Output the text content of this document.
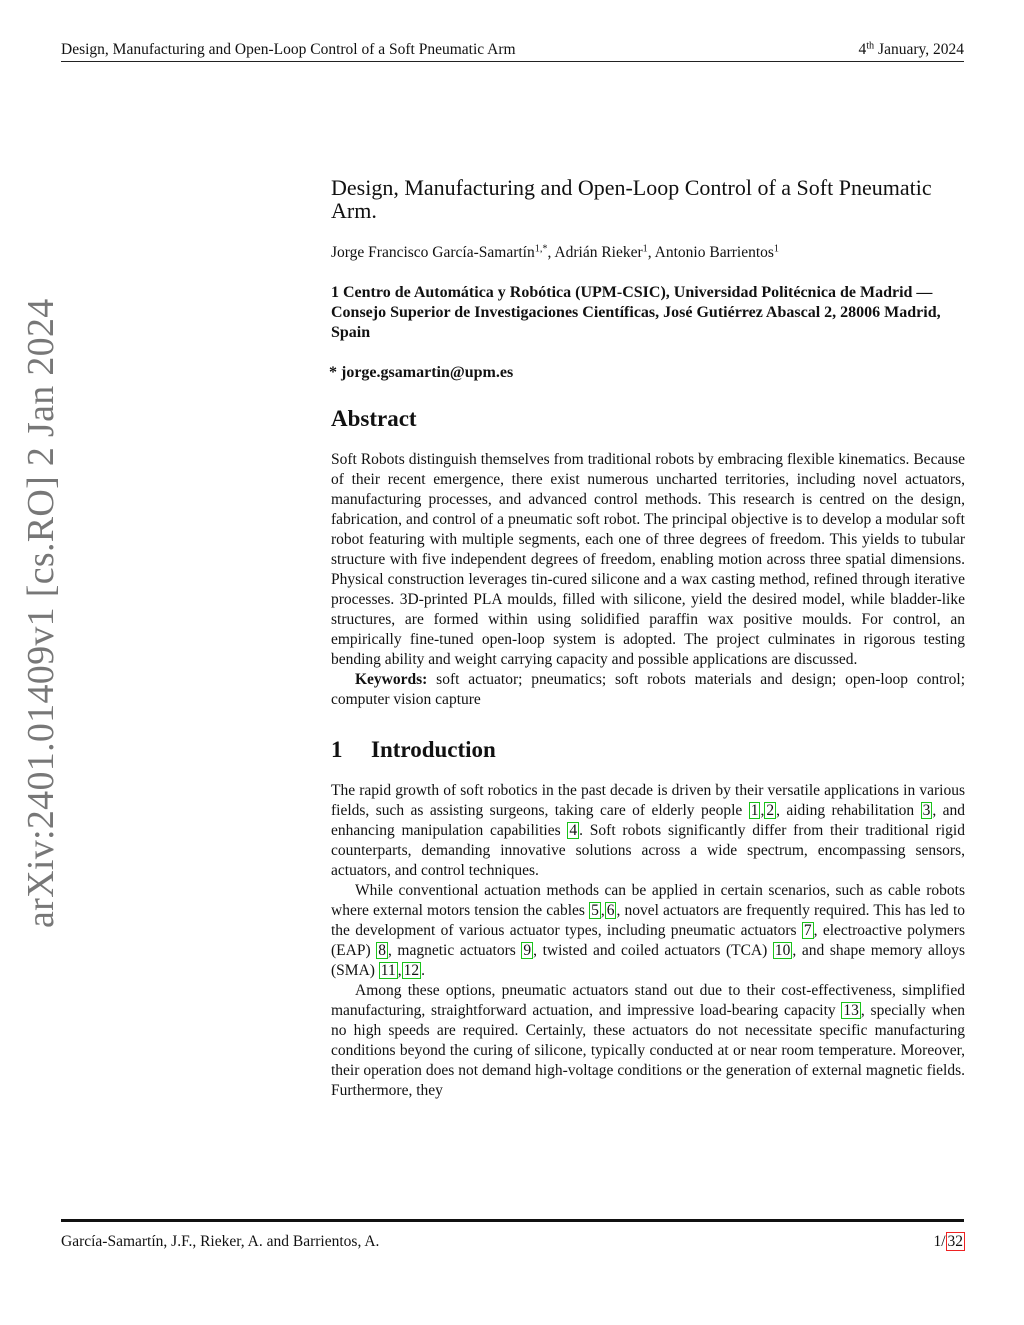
Design, Manufacturing and Open-Loop Control of a Soft Pneumatic Arm	4th January, 2024
arXiv:2401.01409v1 [cs.RO] 2 Jan 2024
Design, Manufacturing and Open-Loop Control of a Soft Pneumatic Arm.
Jorge Francisco García-Samartín$^{1,*}$, Adrián Rieker$^1$, Antonio Barrientos$^1$
1 Centro de Automática y Robótica (UPM-CSIC), Universidad Politécnica de Madrid — Consejo Superior de Investigaciones Científicas, José Gutiérrez Abascal 2, 28006 Madrid, Spain
* jorge.gsamartin@upm.es
Abstract

Soft Robots distinguish themselves from traditional robots by embracing flexible kinematics. Because of their recent emergence, there exist numerous uncharted territories, including novel actuators, manufacturing processes, and advanced control methods. This research is centred on the design, fabrication, and control of a pneumatic soft robot. The principal objective is to develop a modular soft robot featuring with multiple segments, each one of three degrees of freedom. This yields to tubular structure with five independent degrees of freedom, enabling motion across three spatial dimensions. Physical construction leverages tin-cured silicone and a wax casting method, refined through iterative processes. 3D-printed PLA moulds, filled with silicone, yield the desired model, while bladder-like structures, are formed within using solidified paraffin wax positive moulds. For control, an empirically fine-tuned open-loop system is adopted. The project culminates in rigorous testing bending ability and weight carrying capacity and possible applications are discussed.

Keywords: soft actuator; pneumatics; soft robots materials and design; open-loop control; computer vision capture

1 Introduction

The rapid growth of soft robotics in the past decade is driven by their versatile applications in various fields, such as assisting surgeons, taking care of elderly people 1 , 2 , aiding rehabilitation 3 , and enhancing manipulation capabilities 4 . Soft robots significantly differ from their traditional rigid counterparts, demanding innovative solutions across a wide spectrum, encompassing sensors, actuators, and control techniques.

While conventional actuation methods can be applied in certain scenarios, such as cable robots where external motors tension the cables 5 , 6 , novel actuators are frequently required. This has led to the development of various actuator types, including pneumatic actuators 7 , electroactive polymers (EAP) 8 , magnetic actuators 9 , twisted and coiled actuators (TCA) 10 , and shape memory alloys (SMA) 11 , 12 .

Among these options, pneumatic actuators stand out due to their cost-effectiveness, simplified manufacturing, straightforward actuation, and impressive load-bearing capacity 13 , specially when no high speeds are required. Certainly, these actuators do not necessitate specific manufacturing conditions beyond the curing of silicone, typically conducted at or near room temperature. Moreover, their operation does not demand high-voltage conditions or the generation of external magnetic fields. Furthermore, they

García-Samartín, J.F., Rieker, A. and Barrientos, A.	1/ 32
